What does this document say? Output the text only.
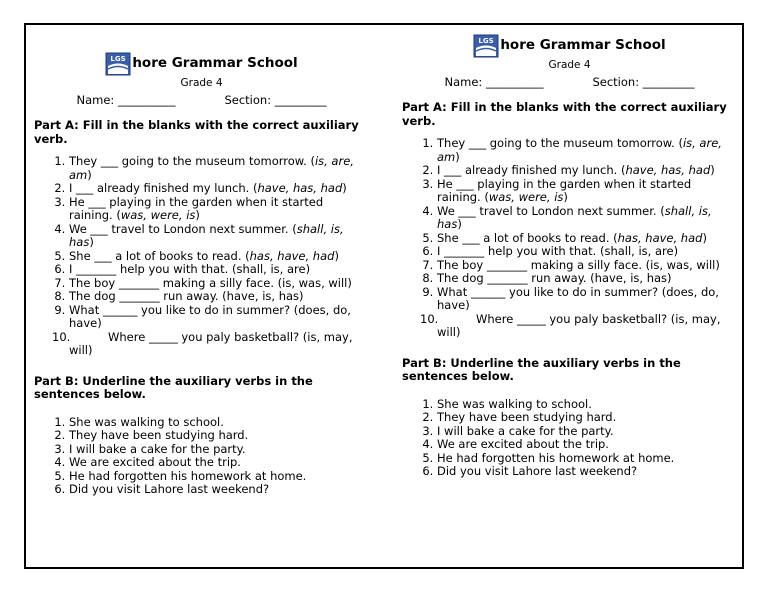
LGS hore Grammar School
Grade 4
Name: __________	Section: _________
Part A: Fill in the blanks with the correct auxiliary verb.
1. They ___ going to the museum tomorrow. (is, are, am)
2. I ___ already finished my lunch. (have, has, had)
3. He ___ playing in the garden when it started raining. (was, were, is)
4. We ___ travel to London next summer. (shall, is, has)
5. She ___ a lot of books to read. (has, have, had)
6. I _______ help you with that. (shall, is, are)
7. The boy _______ making a silly face. (is, was, will)
8. The dog _______ run away. (have, is, has)
9. What ______ you like to do in summer? (does, do, have)
10.	Where _____ you paly basketball? (is, may,
will)
Part B: Underline the auxiliary verbs in the sentences below.
1. She was walking to school.
2. They have been studying hard.
3. I will bake a cake for the party.
4. We are excited about the trip.
5. He had forgotten his homework at home.
6. Did you visit Lahore last weekend?
LGS hore Grammar School
Grade 4
Name: __________	Section: _________
Part A: Fill in the blanks with the correct auxiliary verb.
1. They ___ going to the museum tomorrow. (is, are, am)
2. I ___ already finished my lunch. (have, has, had)
3. He ___ playing in the garden when it started raining. (was, were, is)
4. We ___ travel to London next summer. (shall, is, has)
5. She ___ a lot of books to read. (has, have, had)
6. I _______ help you with that. (shall, is, are)
7. The boy _______ making a silly face. (is, was, will)
8. The dog _______ run away. (have, is, has)
9. What ______ you like to do in summer? (does, do, have)
10.	Where _____ you paly basketball? (is, may,
will)
Part B: Underline the auxiliary verbs in the sentences below.
1. She was walking to school.
2. They have been studying hard.
3. I will bake a cake for the party.
4. We are excited about the trip.
5. He had forgotten his homework at home.
6. Did you visit Lahore last weekend?
